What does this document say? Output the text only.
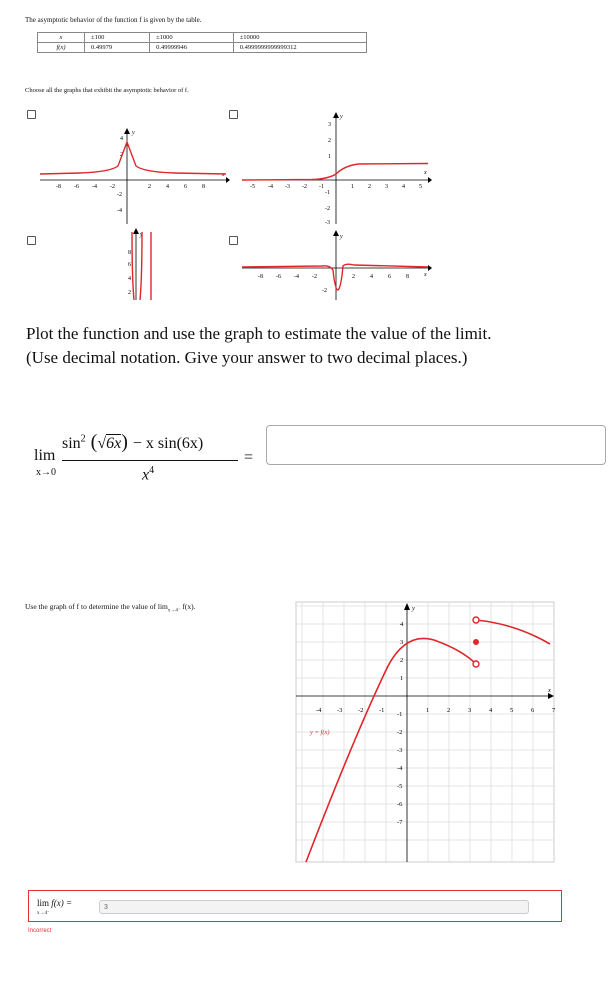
The asymptotic behavior of the function f is given by the table.
x	±100	±1000	±10000
f(x)	0.49979	0.49999946	0.4999999999999312
Choose all the graphs that exhibit the asymptotic behavior of f.
y
x
4
2
-2
-4
-8 -6 -4 -2	2	4	6	8
y
x
3
2
1
-1
-2
-3
-5 -4 -3 -2 -1	1 2 3 4 5
y
8
6
4
2
y
x
-2
-8 -6 -4 -2	2	4	6	8
Plot the function and use the graph to estimate the value of the limit.
(Use decimal notation. Give your answer to two decimal places.)
lim
x→0
$\sin^2 (√6x) - x$ sin(6x)
$x^4$
=
Use the graph of f to determine the value of $\lim_{x\to 4^-} f(x)$.	y
x
-4 -3 -2 -1	1	2	3	4	5	6	7
4
3
2
1
-1
-2
-3
-4
-5
-6
-7
y = f(x)
lim f(x) =
x→4⁻
3
Incorrect
